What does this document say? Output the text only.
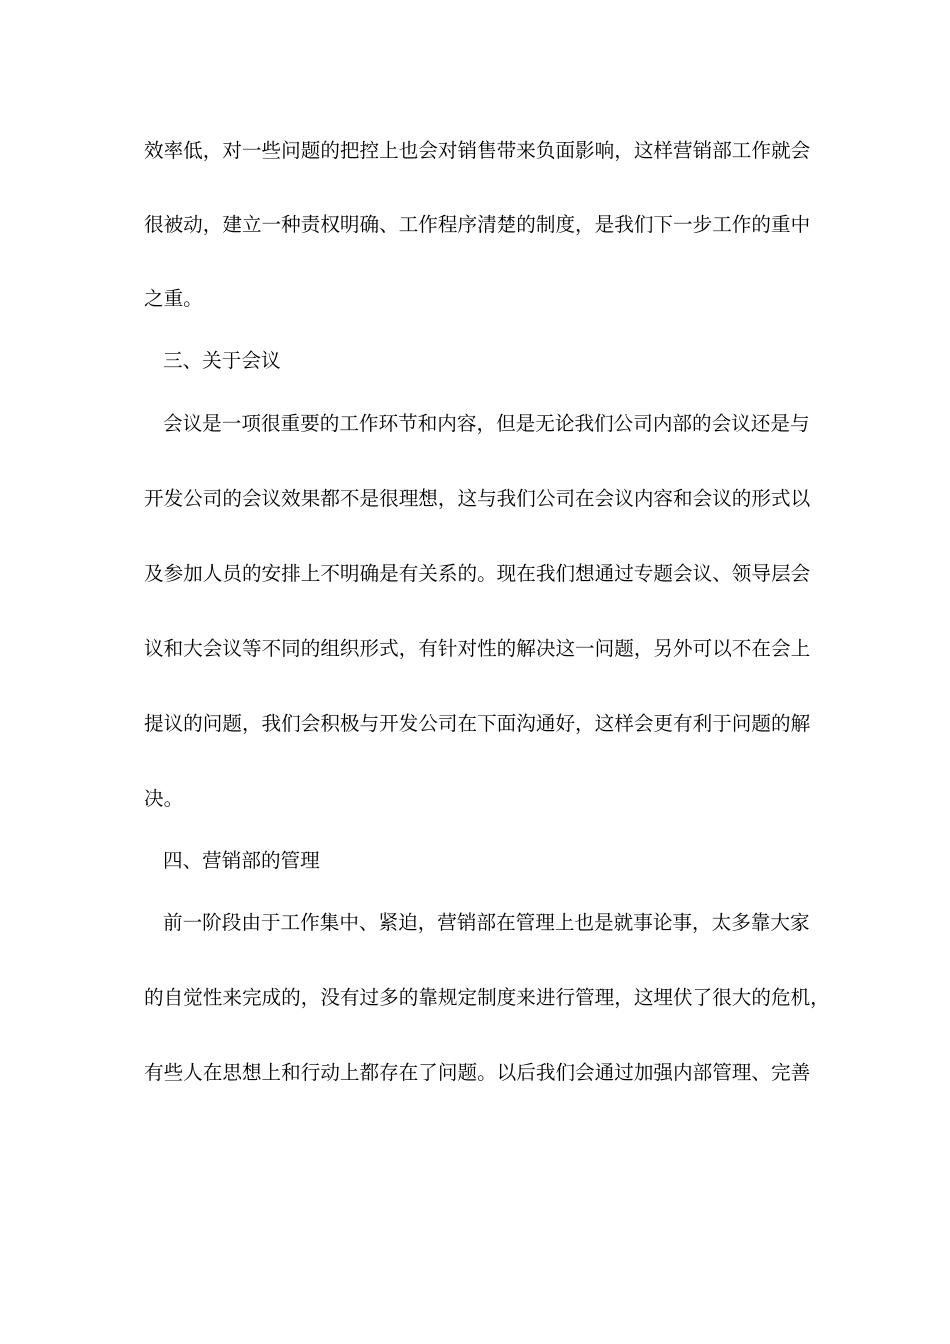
效率低，对一些问题的把控上也会对销售带来负面影响，这样营销部工作就会
很被动，建立一种责权明确、工作程序清楚的制度，是我们下一步工作的重中
之重。
三、关于会议
会议是一项很重要的工作环节和内容，但是无论我们公司内部的会议还是与
开发公司的会议效果都不是很理想，这与我们公司在会议内容和会议的形式以
及参加人员的安排上不明确是有关系的。现在我们想通过专题会议、领导层会
议和大会议等不同的组织形式，有针对性的解决这一问题，另外可以不在会上
提议的问题，我们会积极与开发公司在下面沟通好，这样会更有利于问题的解
决。
四、营销部的管理
前一阶段由于工作集中、紧迫，营销部在管理上也是就事论事，太多靠大家
的自觉性来完成的，没有过多的靠规定制度来进行管理，这埋伏了很大的危机，
有些人在思想上和行动上都存在了问题。以后我们会通过加强内部管理、完善
